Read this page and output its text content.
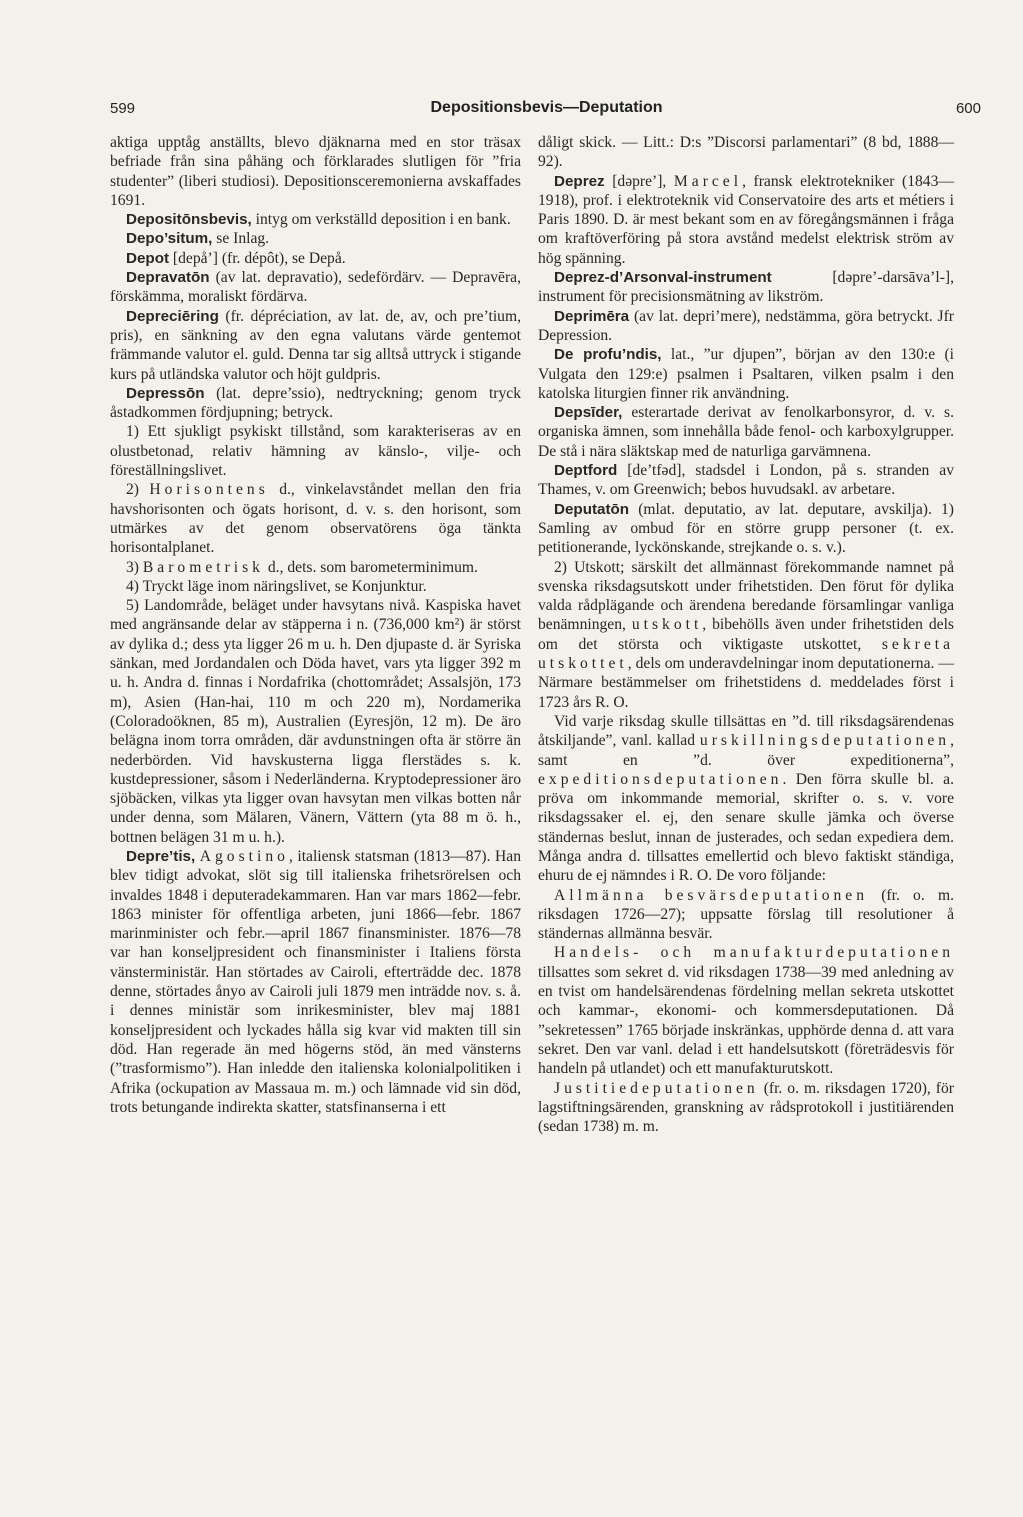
599	Depositionsbevis—Deputation	600

aktiga upptåg anställts, blevo djäknarna med en stor träsax befriade från sina påhäng och förklarades slutligen för ”fria studenter” (liberi studiosi). Depositionsceremonierna avskaffades 1691.

Depositōnsbevis, intyg om verkställd deposition i en bank.

Depo’situm, se Inlag.

Depot [depå’] (fr. dépôt), se Depå.

Depravatōn (av lat. depravatio), sedefördärv. — Depravēra, förskämma, moraliskt fördärva.

Depreciēring (fr. dépréciation, av lat. de, av, och pre’tium, pris), en sänkning av den egna valutans värde gentemot främmande valutor el. guld. Denna tar sig alltså uttryck i stigande kurs på utländska valutor och höjt guldpris.

Depressōn (lat. depre’ssio), nedtryckning; genom tryck åstadkommen fördjupning; betryck.

1) Ett sjukligt psykiskt tillstånd, som karakteriseras av en olustbetonad, relativ hämning av känslo-, vilje- och föreställningslivet.

2) Horisontens d., vinkelavståndet mellan den fria havshorisonten och ögats horisont, d. v. s. den horisont, som utmärkes av det genom observatörens öga tänkta horisontalplanet.

3) Barometrisk d., dets. som barometerminimum.

4) Tryckt läge inom näringslivet, se Konjunktur.

5) Landområde, beläget under havsytans nivå. Kaspiska havet med angränsande delar av stäpperna i n. (736,000 km²) är störst av dylika d.; dess yta ligger 26 m u. h. Den djupaste d. är Syriska sänkan, med Jordandalen och Döda havet, vars yta ligger 392 m u. h. Andra d. finnas i Nordafrika (chottområdet; Assalsjön, 173 m), Asien (Han-hai, 110 m och 220 m), Nordamerika (Coloradoöknen, 85 m), Australien (Eyresjön, 12 m). De äro belägna inom torra områden, där avdunstningen ofta är större än nederbörden. Vid havskusterna ligga flerstädes s. k. kustdepressioner, såsom i Nederländerna. Kryptodepressioner äro sjöbäcken, vilkas yta ligger ovan havsytan men vilkas botten når under denna, som Mälaren, Vänern, Vättern (yta 88 m ö. h., bottnen belägen 31 m u. h.).

Depre’tis, Agostino, italiensk statsman (1813—87). Han blev tidigt advokat, slöt sig till italienska frihetsrörelsen och invaldes 1848 i deputeradekammaren. Han var mars 1862—febr. 1863 minister för offentliga arbeten, juni 1866—febr. 1867 marinminister och febr.—april 1867 finansminister. 1876—78 var han konseljpresident och finansminister i Italiens första vänsterministär. Han störtades av Cairoli, efterträdde dec. 1878 denne, störtades ånyo av Cairoli juli 1879 men inträdde nov. s. å. i dennes ministär som inrikesminister, blev maj 1881 konseljpresident och lyckades hålla sig kvar vid makten till sin död. Han regerade än med högerns stöd, än med vänsterns (”trasformismo”). Han inledde den italienska kolonialpolitiken i Afrika (ockupation av Massaua m. m.) och lämnade vid sin död, trots betungande indirekta skatter, statsfinanserna i ett

dåligt skick. — Litt.: D:s ”Discorsi parlamentari” (8 bd, 1888—92).

Deprez [dəpre’], Marcel, fransk elektrotekniker (1843—1918), prof. i elektroteknik vid Conservatoire des arts et métiers i Paris 1890. D. är mest bekant som en av föregångsmännen i fråga om kraftöverföring på stora avstånd medelst elektrisk ström av hög spänning.

Deprez-d’Arsonval-instrument [dəpre’-darsāva’l-], instrument för precisionsmätning av likström.

Deprimēra (av lat. depri’mere), nedstämma, göra betryckt. Jfr Depression.

De profu’ndis, lat., ”ur djupen”, början av den 130:e (i Vulgata den 129:e) psalmen i Psaltaren, vilken psalm i den katolska liturgien finner rik användning.

Depsīder, esterartade derivat av fenolkarbonsyror, d. v. s. organiska ämnen, som innehålla både fenol- och karboxylgrupper. De stå i nära släktskap med de naturliga garvämnena.

Deptford [de’tfəd], stadsdel i London, på s. stranden av Thames, v. om Greenwich; bebos huvudsakl. av arbetare.

Deputatōn (mlat. deputatio, av lat. deputare, avskilja). 1) Samling av ombud för en större grupp personer (t. ex. petitionerande, lyckönskande, strejkande o. s. v.).

2) Utskott; särskilt det allmännast förekommande namnet på svenska riksdagsutskott under frihetstiden. Den förut för dylika valda rådplägande och ärendena beredande församlingar vanliga benämningen, utskott, bibehölls även under frihetstiden dels om det största och viktigaste utskottet, sekreta utskottet, dels om underavdelningar inom deputationerna. — Närmare bestämmelser om frihetstidens d. meddelades först i 1723 års R. O.

Vid varje riksdag skulle tillsättas en ”d. till riksdagsärendenas åtskiljande”, vanl. kallad urskillningsdeputationen, samt en ”d. över expeditionerna”, expeditionsdeputationen. Den förra skulle bl. a. pröva om inkommande memorial, skrifter o. s. v. vore riksdagssaker el. ej, den senare skulle jämka och överse ständernas beslut, innan de justerades, och sedan expediera dem. Många andra d. tillsattes emellertid och blevo faktiskt ständiga, ehuru de ej nämndes i R. O. De voro följande:

Allmänna besvärsdeputationen (fr. o. m. riksdagen 1726—27); uppsatte förslag till resolutioner å ständernas allmänna besvär.

Handels- och manufakturdeputationen tillsattes som sekret d. vid riksdagen 1738—39 med anledning av en tvist om handelsärendenas fördelning mellan sekreta utskottet och kammar-, ekonomi- och kommersdeputationen. Då ”sekretessen” 1765 började inskränkas, upphörde denna d. att vara sekret. Den var vanl. delad i ett handelsutskott (företrädesvis för handeln på utlandet) och ett manufakturutskott.

Justitiedeputationen (fr. o. m. riksdagen 1720), för lagstiftningsärenden, granskning av rådsprotokoll i justitiärenden (sedan 1738) m. m.
